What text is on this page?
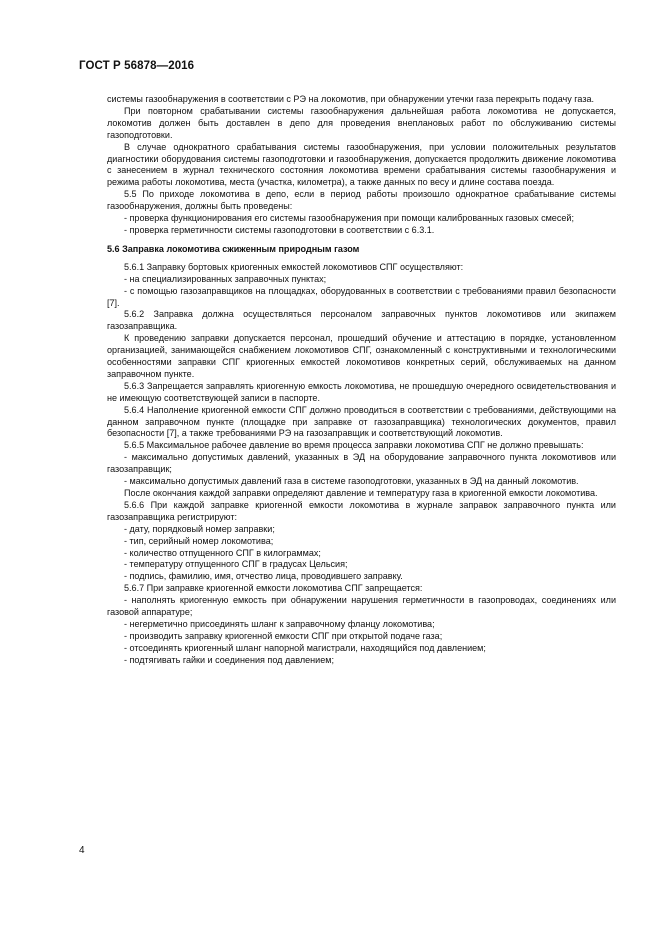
ГОСТ Р 56878—2016

системы газообнаружения в соответствии с РЭ на локомотив, при обнаружении утечки газа перекрыть подачу газа.

При повторном срабатывании системы газообнаружения дальнейшая работа локомотива не допускается, локомотив должен быть доставлен в депо для проведения внеплановых работ по обслуживанию системы газоподготовки.

В случае однократного срабатывания системы газообнаружения, при условии положительных результатов диагностики оборудования системы газоподготовки и газообнаружения, допускается продолжить движение локомотива с занесением в журнал технического состояния локомотива времени срабатывания системы газообнаружения и режима работы локомотива, места (участка, километра), а также данных по весу и длине состава поезда.

5.5 По приходе локомотива в депо, если в период работы произошло однократное срабатывание системы газообнаружения, должны быть проведены:

- проверка функционирования его системы газообнаружения при помощи калиброванных газовых смесей;

- проверка герметичности системы газоподготовки в соответствии с 6.3.1.

5.6 Заправка локомотива сжиженным природным газом

5.6.1 Заправку бортовых криогенных емкостей локомотивов СПГ осуществляют:

- на специализированных заправочных пунктах;

- с помощью газозаправщиков на площадках, оборудованных в соответствии с требованиями правил безопасности [7].

5.6.2 Заправка должна осуществляться персоналом заправочных пунктов локомотивов или экипажем газозаправщика.

К проведению заправки допускается персонал, прошедший обучение и аттестацию в порядке, установленном организацией, занимающейся снабжением локомотивов СПГ, ознакомленный с конструктивными и технологическими особенностями заправки СПГ криогенных емкостей локомотивов конкретных серий, обслуживаемых на данном заправочном пункте.

5.6.3 Запрещается заправлять криогенную емкость локомотива, не прошедшую очередного освидетельствования и не имеющую соответствующей записи в паспорте.

5.6.4 Наполнение криогенной емкости СПГ должно проводиться в соответствии с требованиями, действующими на данном заправочном пункте (площадке при заправке от газозаправщика) технологических документов, правил безопасности [7], а также требованиями РЭ на газозаправщик и соответствующий локомотив.

5.6.5 Максимальное рабочее давление во время процесса заправки локомотива СПГ не должно превышать:

- максимально допустимых давлений, указанных в ЭД на оборудование заправочного пункта локомотивов или газозаправщик;

- максимально допустимых давлений газа в системе газоподготовки, указанных в ЭД на данный локомотив.

После окончания каждой заправки определяют давление и температуру газа в криогенной емкости локомотива.

5.6.6 При каждой заправке криогенной емкости локомотива в журнале заправок заправочного пункта или газозаправщика регистрируют:

- дату, порядковый номер заправки;

- тип, серийный номер локомотива;

- количество отпущенного СПГ в килограммах;

- температуру отпущенного СПГ в градусах Цельсия;

- подпись, фамилию, имя, отчество лица, проводившего заправку.

5.6.7 При заправке криогенной емкости локомотива СПГ запрещается:

- наполнять криогенную емкость при обнаружении нарушения герметичности в газопроводах, соединениях или газовой аппаратуре;

- негерметично присоединять шланг к заправочному фланцу локомотива;

- производить заправку криогенной емкости СПГ при открытой подаче газа;

- отсоединять криогенный шланг напорной магистрали, находящийся под давлением;

- подтягивать гайки и соединения под давлением;

4
